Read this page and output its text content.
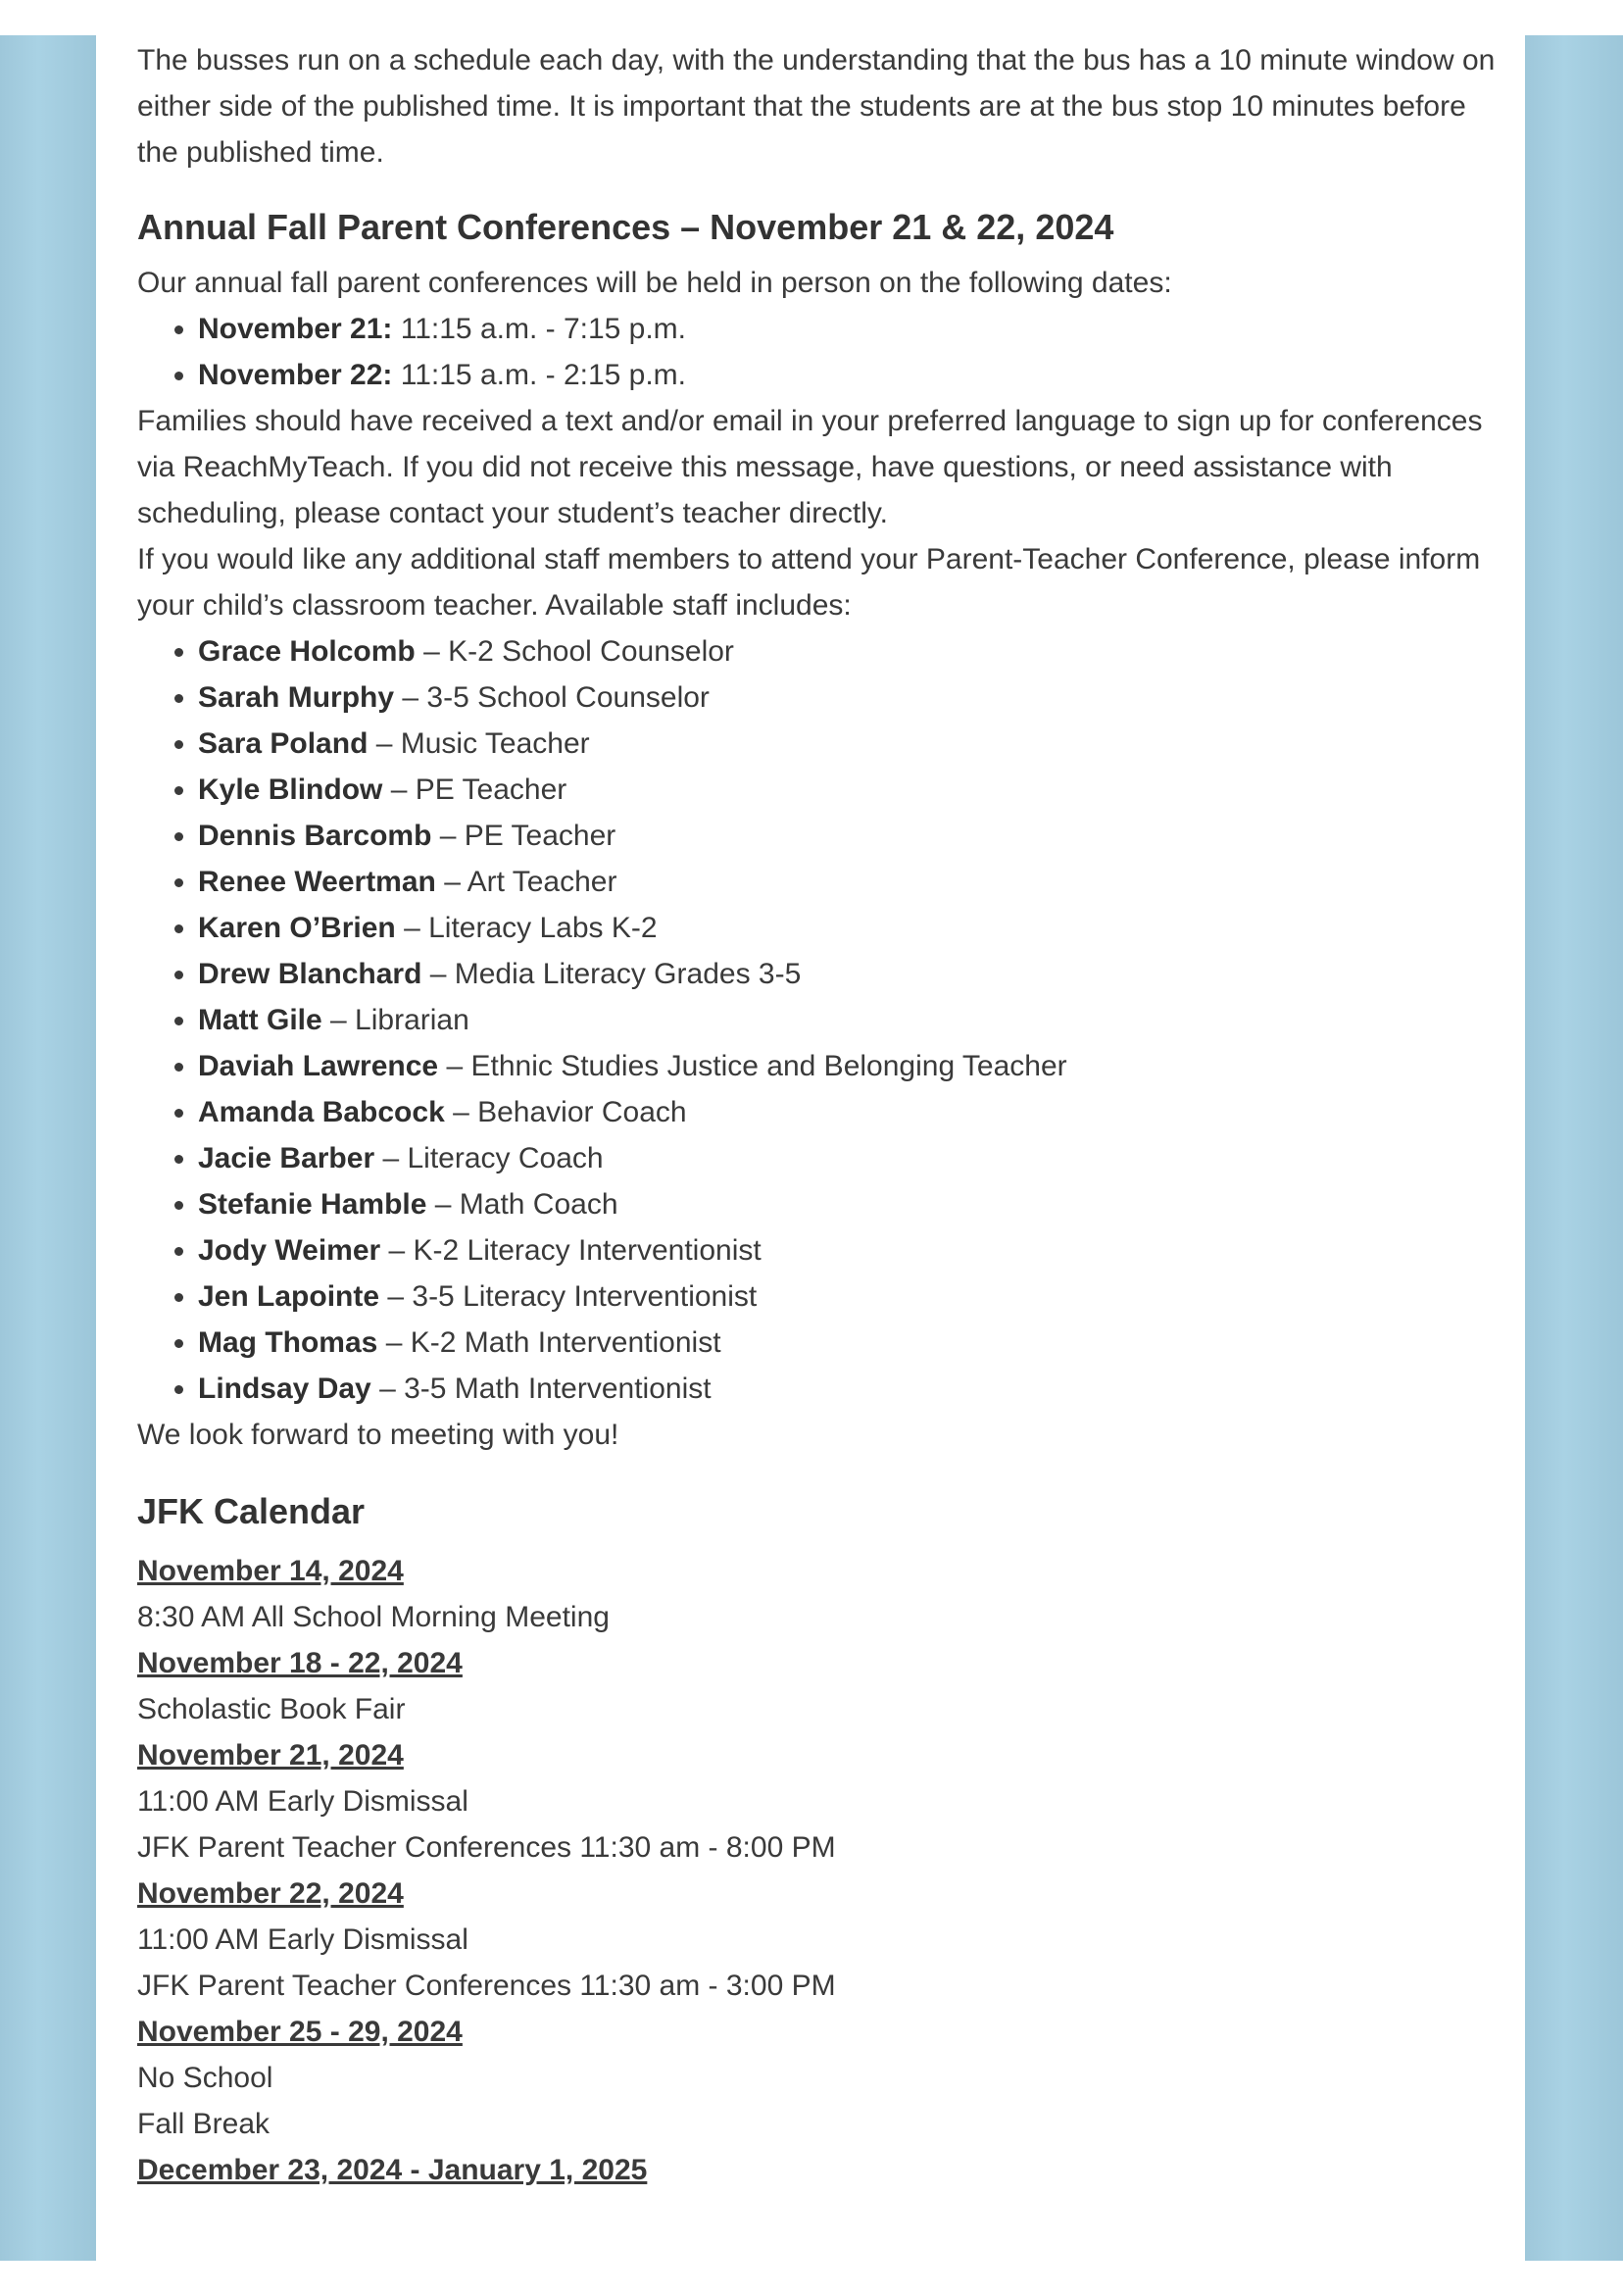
The busses run on a schedule each day, with the understanding that the bus has a 10 minute window on either side of the published time. It is important that the students are at the bus stop 10 minutes before the published time.

Annual Fall Parent Conferences – November 21 & 22, 2024

Our annual fall parent conferences will be held in person on the following dates:

• November 21: 11:15 a.m. - 7:15 p.m.
• November 22: 11:15 a.m. - 2:15 p.m.

Families should have received a text and/or email in your preferred language to sign up for conferences via ReachMyTeach. If you did not receive this message, have questions, or need assistance with scheduling, please contact your student’s teacher directly.

If you would like any additional staff members to attend your Parent-Teacher Conference, please inform your child’s classroom teacher. Available staff includes:

• Grace Holcomb – K-2 School Counselor
• Sarah Murphy – 3-5 School Counselor
• Sara Poland – Music Teacher
• Kyle Blindow – PE Teacher
• Dennis Barcomb – PE Teacher
• Renee Weertman – Art Teacher
• Karen O’Brien – Literacy Labs K-2
• Drew Blanchard – Media Literacy Grades 3-5
• Matt Gile – Librarian
• Daviah Lawrence – Ethnic Studies Justice and Belonging Teacher
• Amanda Babcock – Behavior Coach
• Jacie Barber – Literacy Coach
• Stefanie Hamble – Math Coach
• Jody Weimer – K-2 Literacy Interventionist
• Jen Lapointe – 3-5 Literacy Interventionist
• Mag Thomas – K-2 Math Interventionist
• Lindsay Day – 3-5 Math Interventionist

We look forward to meeting with you!

JFK Calendar

November 14, 2024

8:30 AM All School Morning Meeting

November 18 - 22, 2024

Scholastic Book Fair

November 21, 2024

11:00 AM Early Dismissal

JFK Parent Teacher Conferences 11:30 am - 8:00 PM

November 22, 2024

11:00 AM Early Dismissal

JFK Parent Teacher Conferences 11:30 am - 3:00 PM

November 25 - 29, 2024

No School

Fall Break

December 23, 2024 - January 1, 2025
